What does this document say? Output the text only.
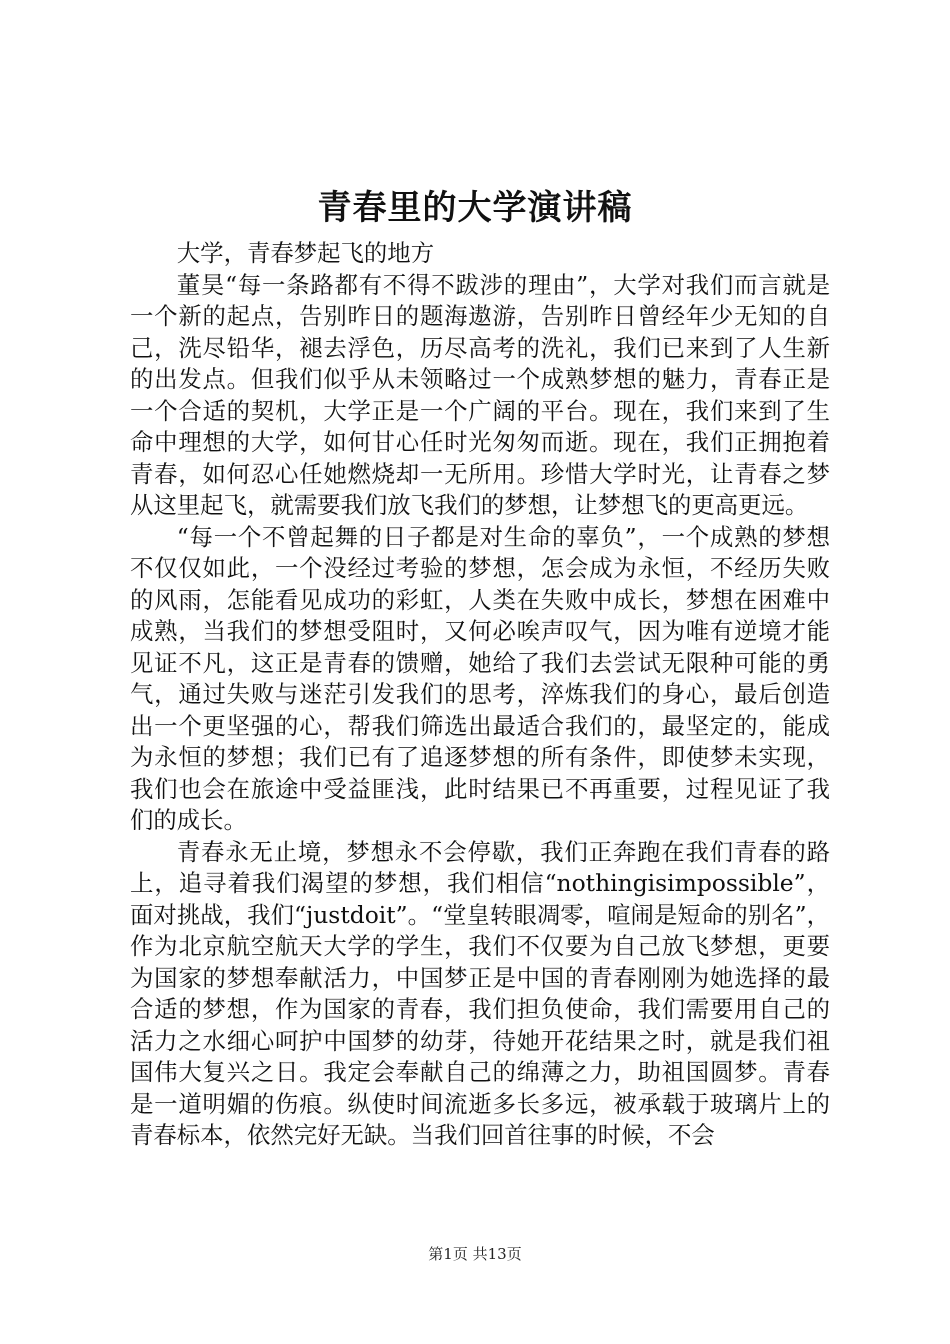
青春里的大学演讲稿

大学，青春梦起飞的地方

董昊“每一条路都有不得不跋涉的理由”，大学对我们而言就是一个新的起点，告别昨日的题海遨游，告别昨日曾经年少无知的自己，洗尽铅华，褪去浮色，历尽高考的洗礼，我们已来到了人生新的出发点。但我们似乎从未领略过一个成熟梦想的魅力，青春正是一个合适的契机，大学正是一个广阔的平台。现在，我们来到了生命中理想的大学，如何甘心任时光匆匆而逝。现在，我们正拥抱着青春，如何忍心任她燃烧却一无所用。珍惜大学时光，让青春之梦从这里起飞，就需要我们放飞我们的梦想，让梦想飞的更高更远。

“每一个不曾起舞的日子都是对生命的辜负”，一个成熟的梦想不仅仅如此，一个没经过考验的梦想，怎会成为永恒，不经历失败的风雨，怎能看见成功的彩虹，人类在失败中成长，梦想在困难中成熟，当我们的梦想受阻时，又何必唉声叹气，因为唯有逆境才能见证不凡，这正是青春的馈赠，她给了我们去尝试无限种可能的勇气，通过失败与迷茫引发我们的思考，淬炼我们的身心，最后创造出一个更坚强的心，帮我们筛选出最适合我们的，最坚定的，能成为永恒的梦想；我们已有了追逐梦想的所有条件，即使梦未实现，我们也会在旅途中受益匪浅，此时结果已不再重要，过程见证了我们的成长。

青春永无止境，梦想永不会停歇，我们正奔跑在我们青春的路上，追寻着我们渴望的梦想，我们相信“nothingisimpossible”，面对挑战，我们“justdoit”。“堂皇转眼凋零，喧闹是短命的别名”，作为北京航空航天大学的学生，我们不仅要为自己放飞梦想，更要为国家的梦想奉献活力，中国梦正是中国的青春刚刚为她选择的最合适的梦想，作为国家的青春，我们担负使命，我们需要用自己的活力之水细心呵护中国梦的幼芽，待她开花结果之时，就是我们祖国伟大复兴之日。我定会奉献自己的绵薄之力，助祖国圆梦。青春是一道明媚的伤痕。纵使时间流逝多长多远，被承载于玻璃片上的青春标本，依然完好无缺。当我们回首往事的时候，不会

第1页 共13页
